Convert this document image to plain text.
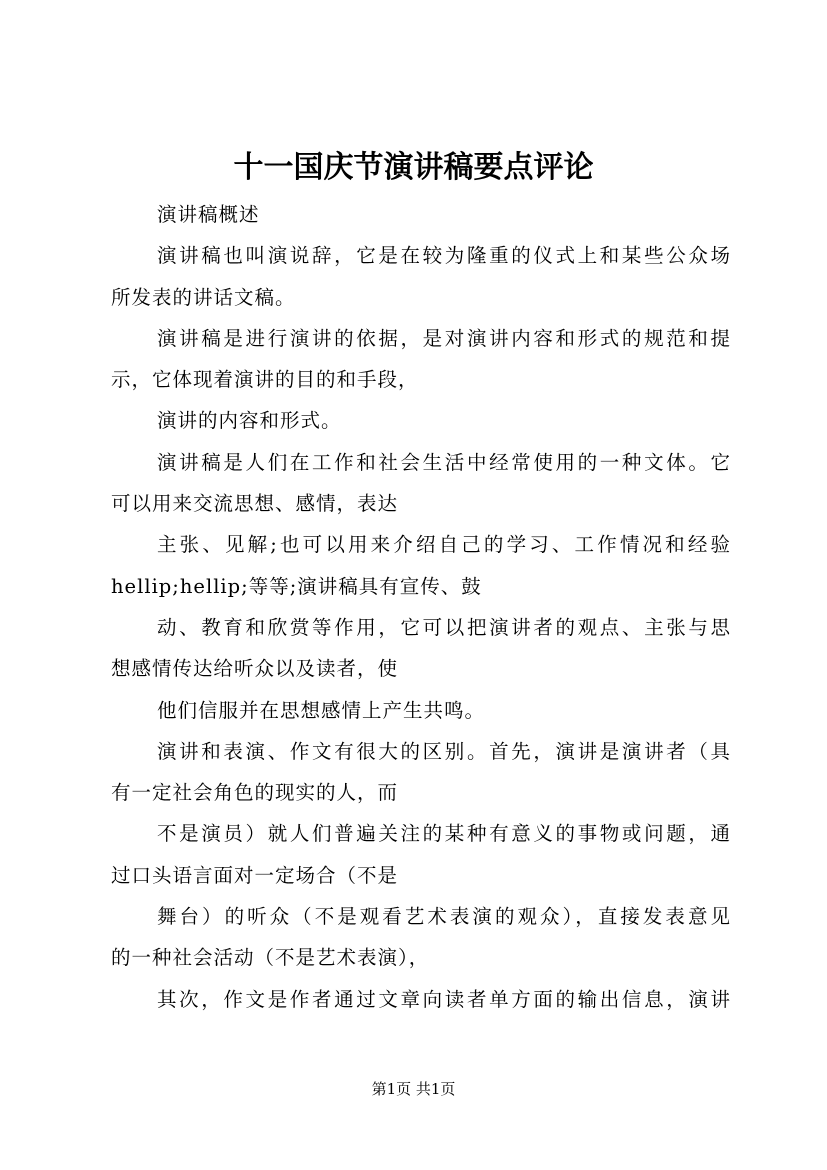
十一国庆节演讲稿要点评论
演讲稿概述
演讲稿也叫演说辞，它是在较为隆重的仪式上和某些公众场
所发表的讲话文稿。
演讲稿是进行演讲的依据，是对演讲内容和形式的规范和提
示，它体现着演讲的目的和手段，
演讲的内容和形式。
演讲稿是人们在工作和社会生活中经常使用的一种文体。它
可以用来交流思想、感情，表达
主张、见解;也可以用来介绍自己的学习、工作情况和经验
hellip;hellip;等等;演讲稿具有宣传、鼓
动、教育和欣赏等作用，它可以把演讲者的观点、主张与思
想感情传达给听众以及读者，使
他们信服并在思想感情上产生共鸣。
演讲和表演、作文有很大的区别。首先，演讲是演讲者（具
有一定社会角色的现实的人，而
不是演员）就人们普遍关注的某种有意义的事物或问题，通
过口头语言面对一定场合（不是
舞台）的听众（不是观看艺术表演的观众），直接发表意见
的一种社会活动（不是艺术表演），
其次，作文是作者通过文章向读者单方面的输出信息，演讲
第1页 共1页
